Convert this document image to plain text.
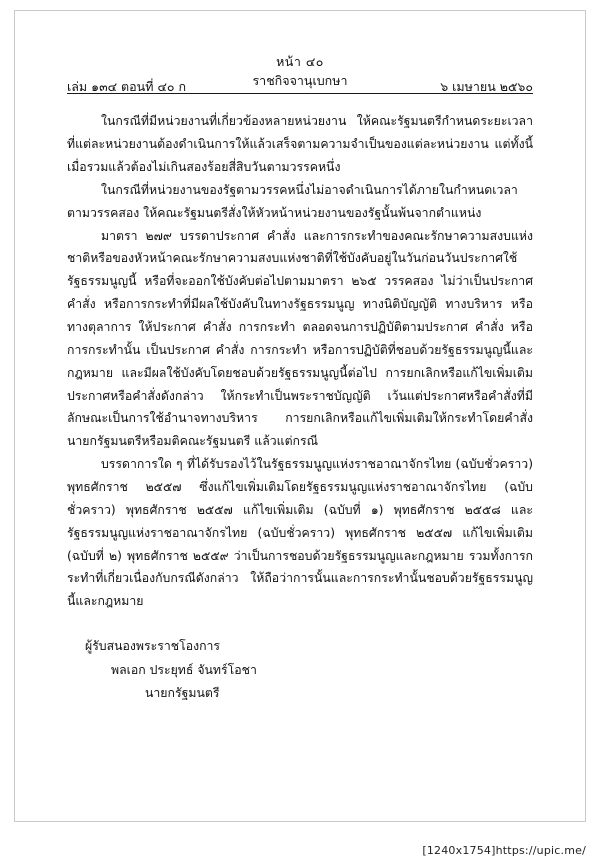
หน้า ๔๐
ราชกิจจานุเบกษา
เล่ม ๑๓๔ ตอนที่ ๔๐ ก	๖ เมษายน ๒๕๖๐

ในกรณีที่มีหน่วยงานที่เกี่ยวข้องหลายหน่วยงาน ให้คณะรัฐมนตรีกำหนดระยะเวลาที่แต่ละหน่วยงานต้องดำเนินการให้แล้วเสร็จตามความจำเป็นของแต่ละหน่วยงาน แต่ทั้งนี้เมื่อรวมแล้วต้องไม่เกินสองร้อยสี่สิบวันตามวรรคหนึ่ง

ในกรณีที่หน่วยงานของรัฐตามวรรคหนึ่งไม่อาจดำเนินการได้ภายในกำหนดเวลาตามวรรคสอง ให้คณะรัฐมนตรีสั่งให้หัวหน้าหน่วยงานของรัฐนั้นพ้นจากตำแหน่ง

มาตรา ๒๗๙ บรรดาประกาศ คำสั่ง และการกระทำของคณะรักษาความสงบแห่งชาติหรือของหัวหน้าคณะรักษาความสงบแห่งชาติที่ใช้บังคับอยู่ในวันก่อนวันประกาศใช้รัฐธรรมนูญนี้ หรือที่จะออกใช้บังคับต่อไปตามมาตรา ๒๖๕ วรรคสอง ไม่ว่าเป็นประกาศ คำสั่ง หรือการกระทำที่มีผลใช้บังคับในทางรัฐธรรมนูญ ทางนิติบัญญัติ ทางบริหาร หรือทางตุลาการ ให้ประกาศ คำสั่ง การกระทำ ตลอดจนการปฏิบัติตามประกาศ คำสั่ง หรือการกระทำนั้น เป็นประกาศ คำสั่ง การกระทำ หรือการปฏิบัติที่ชอบด้วยรัฐธรรมนูญนี้และกฎหมาย และมีผลใช้บังคับโดยชอบด้วยรัฐธรรมนูญนี้ต่อไป การยกเลิกหรือแก้ไขเพิ่มเติมประกาศหรือคำสั่งดังกล่าว ให้กระทำเป็นพระราชบัญญัติ เว้นแต่ประกาศหรือคำสั่งที่มีลักษณะเป็นการใช้อำนาจทางบริหาร การยกเลิกหรือแก้ไขเพิ่มเติมให้กระทำโดยคำสั่งนายกรัฐมนตรีหรือมติคณะรัฐมนตรี แล้วแต่กรณี

บรรดาการใด ๆ ที่ได้รับรองไว้ในรัฐธรรมนูญแห่งราชอาณาจักรไทย (ฉบับชั่วคราว) พุทธศักราช ๒๕๕๗ ซึ่งแก้ไขเพิ่มเติมโดยรัฐธรรมนูญแห่งราชอาณาจักรไทย (ฉบับชั่วคราว) พุทธศักราช ๒๕๕๗ แก้ไขเพิ่มเติม (ฉบับที่ ๑) พุทธศักราช ๒๕๕๘ และรัฐธรรมนูญแห่งราชอาณาจักรไทย (ฉบับชั่วคราว) พุทธศักราช ๒๕๕๗ แก้ไขเพิ่มเติม (ฉบับที่ ๒) พุทธศักราช ๒๕๕๙ ว่าเป็นการชอบด้วยรัฐธรรมนูญและกฎหมาย รวมทั้งการกระทำที่เกี่ยวเนื่องกับกรณีดังกล่าว ให้ถือว่าการนั้นและการกระทำนั้นชอบด้วยรัฐธรรมนูญนี้และกฎหมาย

ผู้รับสนองพระราชโองการ
พลเอก ประยุทธ์ จันทร์โอชา
นายกรัฐมนตรี
[1240x1754]https://upic.me/
